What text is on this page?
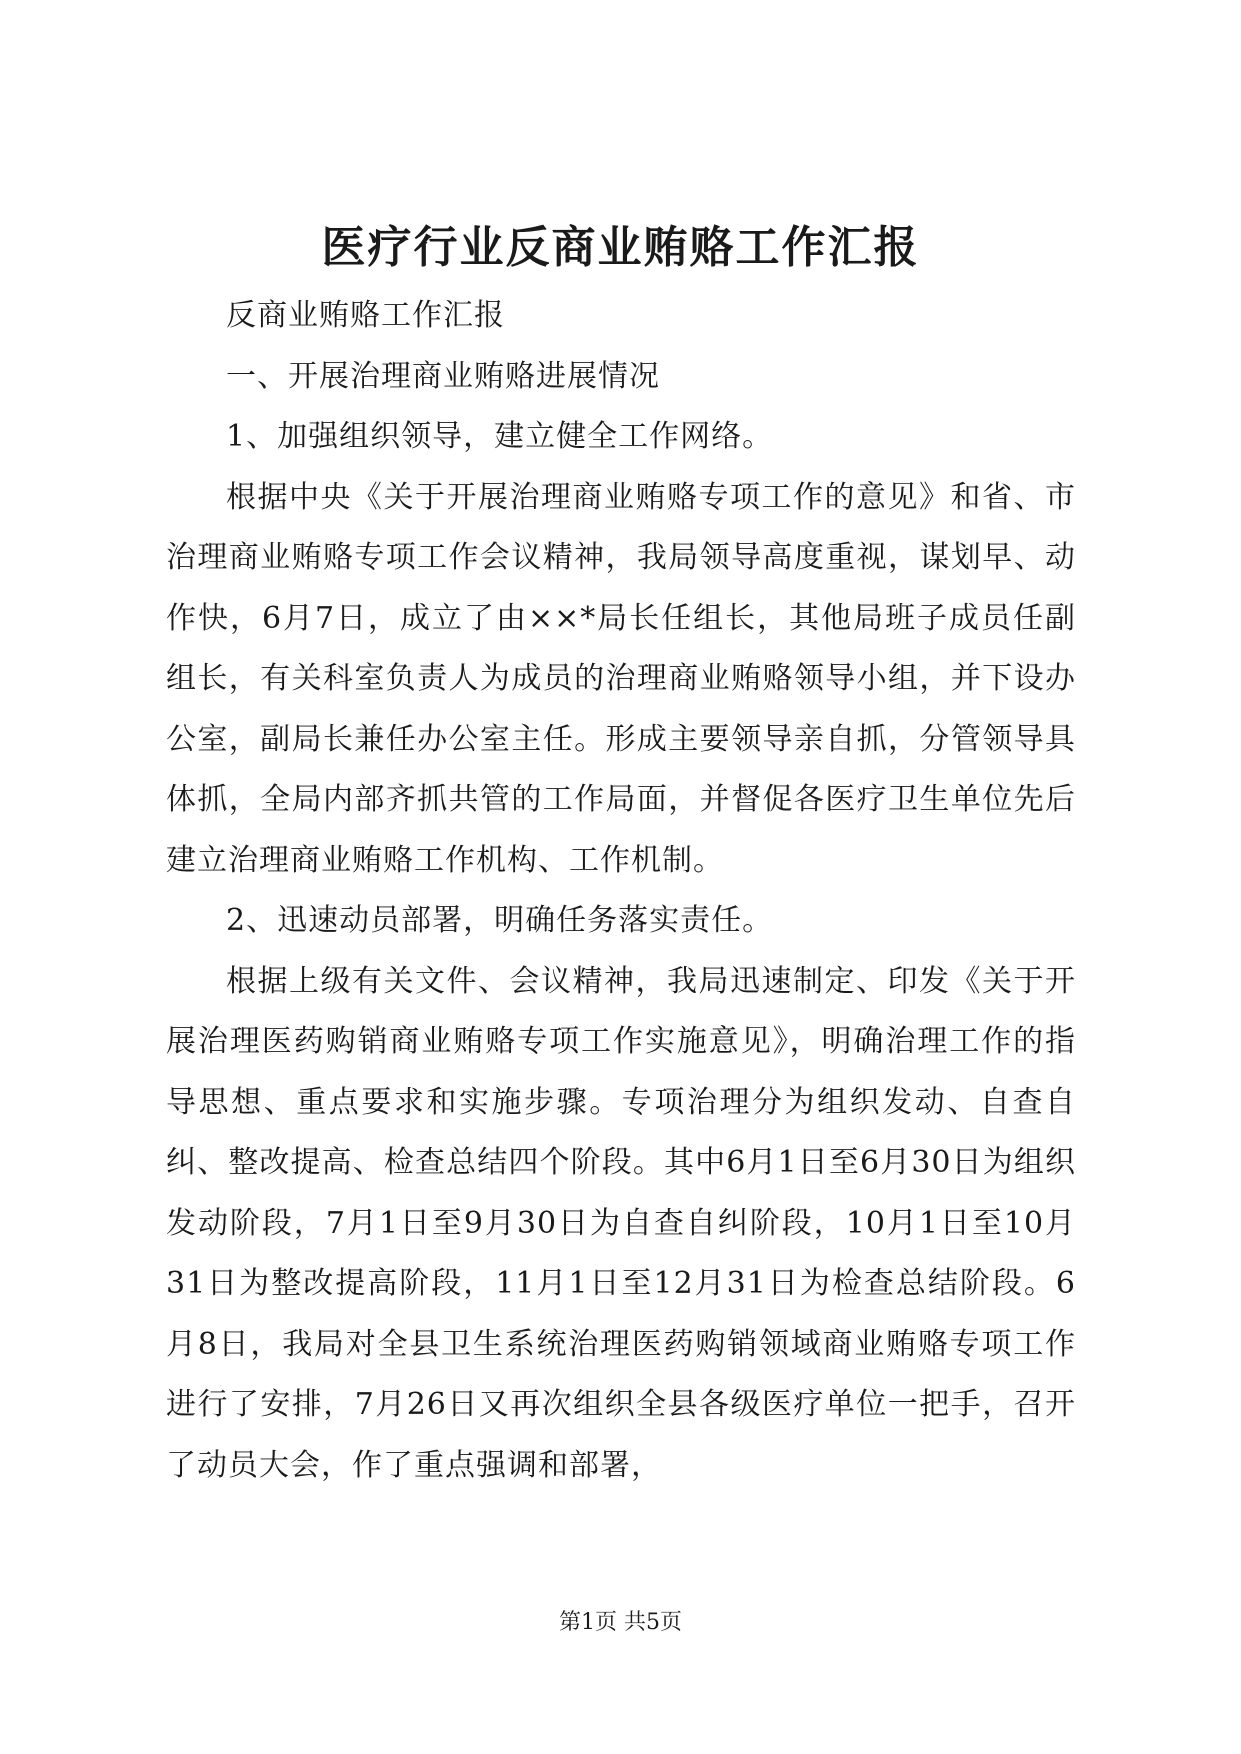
医疗行业反商业贿赂工作汇报

反商业贿赂工作汇报

一、开展治理商业贿赂进展情况

1、加强组织领导，建立健全工作网络。

根据中央《关于开展治理商业贿赂专项工作的意见》和省、市治理商业贿赂专项工作会议精神，我局领导高度重视，谋划早、动作快，6月7日，成立了由××*局长任组长，其他局班子成员任副组长，有关科室负责人为成员的治理商业贿赂领导小组，并下设办公室，副局长兼任办公室主任。形成主要领导亲自抓，分管领导具体抓，全局内部齐抓共管的工作局面，并督促各医疗卫生单位先后建立治理商业贿赂工作机构、工作机制。

2、迅速动员部署，明确任务落实责任。

根据上级有关文件、会议精神，我局迅速制定、印发《关于开展治理医药购销商业贿赂专项工作实施意见》，明确治理工作的指导思想、重点要求和实施步骤。专项治理分为组织发动、自查自纠、整改提高、检查总结四个阶段。其中6月1日至6月30日为组织发动阶段，7月1日至9月30日为自查自纠阶段，10月1日至10月31日为整改提高阶段，11月1日至12月31日为检查总结阶段。6月8日，我局对全县卫生系统治理医药购销领域商业贿赂专项工作进行了安排，7月26日又再次组织全县各级医疗单位一把手，召开了动员大会，作了重点强调和部署，

第1页 共5页
